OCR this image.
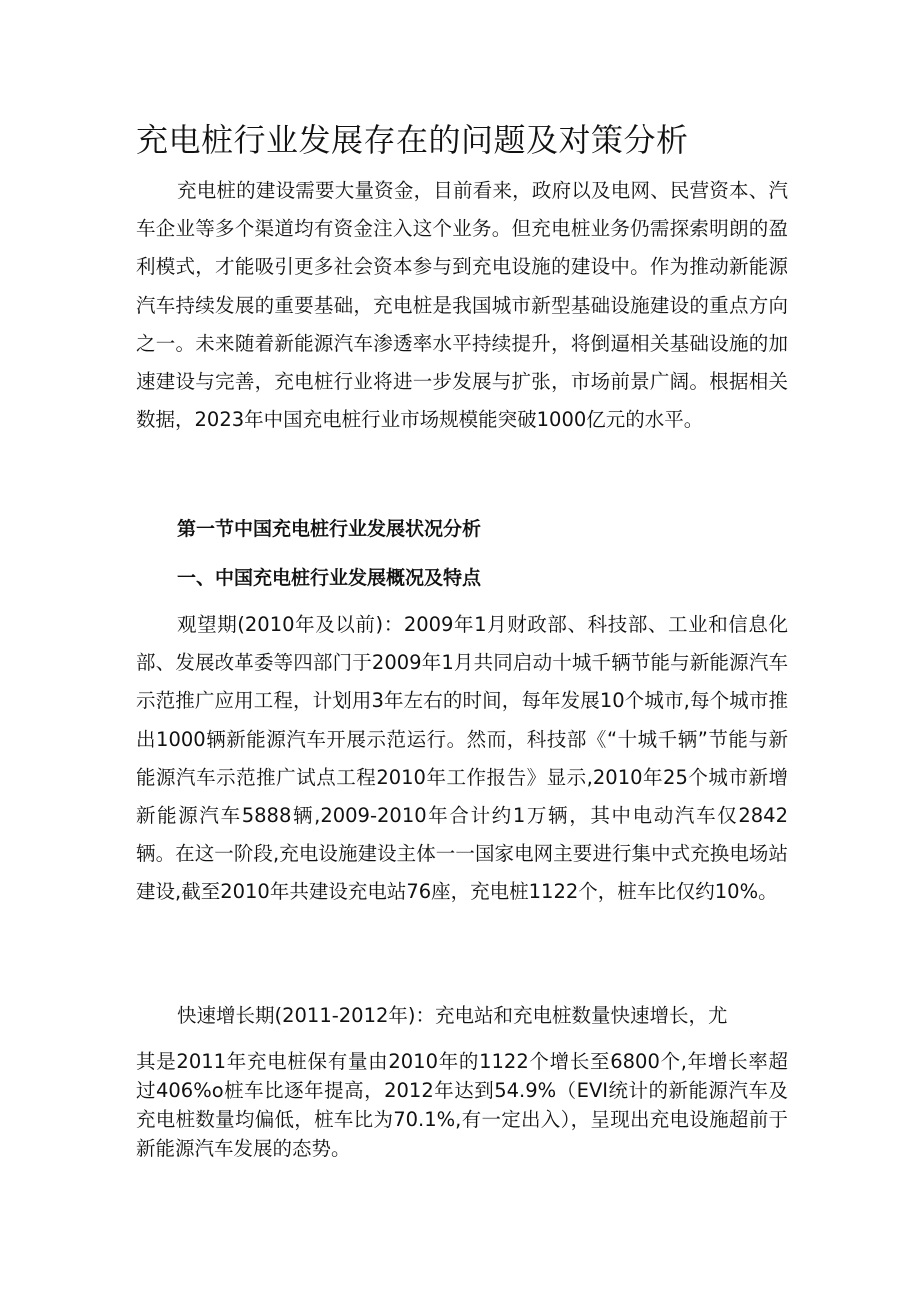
充电桩行业发展存在的问题及对策分析

充电桩的建设需要大量资金，目前看来，政府以及电网、民营资本、汽车企业等多个渠道均有资金注入这个业务。但充电桩业务仍需探索明朗的盈利模式，才能吸引更多社会资本参与到充电设施的建设中。作为推动新能源汽车持续发展的重要基础，充电桩是我国城市新型基础设施建设的重点方向之一。未来随着新能源汽车渗透率水平持续提升，将倒逼相关基础设施的加速建设与完善，充电桩行业将进一步发展与扩张，市场前景广阔。根据相关数据，2023年中国充电桩行业市场规模能突破1000亿元的水平。

第一节中国充电桩行业发展状况分析

一、中国充电桩行业发展概况及特点

观望期(2010年及以前)：2009年1月财政部、科技部、工业和信息化部、发展改革委等四部门于2009年1月共同启动十城千辆节能与新能源汽车示范推广应用工程，计划用3年左右的时间，每年发展10个城市,每个城市推出1000辆新能源汽车开展示范运行。然而，科技部《“十城千辆”节能与新能源汽车示范推广试点工程2010年工作报告》显示,2010年25个城市新增新能源汽车5888辆,2009-2010年合计约1万辆，其中电动汽车仅2842辆。在这一阶段,充电设施建设主体一一国家电网主要进行集中式充换电场站建设,截至2010年共建设充电站76座，充电桩1122个，桩车比仅约10%。

快速增长期(2011-2012年)：充电站和充电桩数量快速增长，尤

其是2011年充电桩保有量由2010年的1122个增长至6800个,年增长率超过406%o桩车比逐年提高，2012年达到54.9%（EVI统计的新能源汽车及充电桩数量均偏低，桩车比为70.1%,有一定出入），呈现出充电设施超前于新能源汽车发展的态势。
